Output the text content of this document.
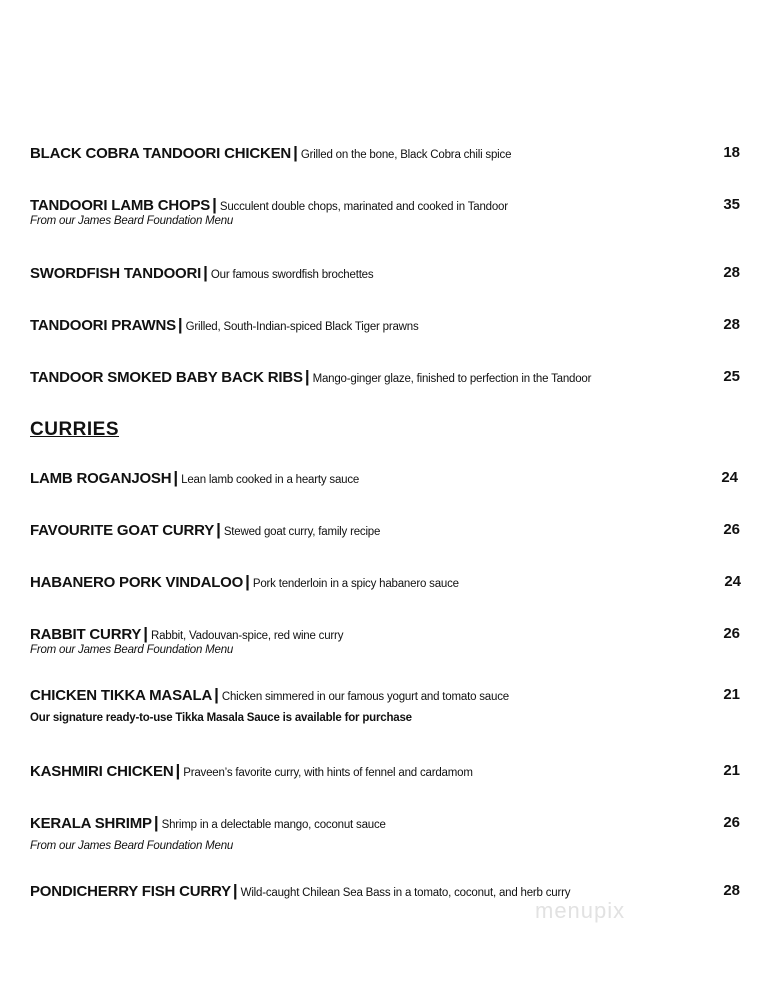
BLACK COBRA TANDOORI CHICKEN | Grilled on the bone, Black Cobra chili spice	18
TANDOORI LAMB CHOPS | Succulent double chops, marinated and cooked in Tandoor	35
From our James Beard Foundation Menu
SWORDFISH TANDOORI | Our famous swordfish brochettes	28
TANDOORI PRAWNS | Grilled, South-Indian-spiced Black Tiger prawns	28
TANDOOR SMOKED BABY BACK RIBS | Mango-ginger glaze, finished to perfection in the Tandoor	25
CURRIES
LAMB ROGANJOSH | Lean lamb cooked in a hearty sauce	24
FAVOURITE GOAT CURRY | Stewed goat curry, family recipe	26
HABANERO PORK VINDALOO | Pork tenderloin in a spicy habanero sauce	24
RABBIT CURRY | Rabbit, Vadouvan-spice, red wine curry	26
From our James Beard Foundation Menu
CHICKEN TIKKA MASALA | Chicken simmered in our famous yogurt and tomato sauce	21
Our signature ready-to-use Tikka Masala Sauce is available for purchase
KASHMIRI CHICKEN | Praveen’s favorite curry, with hints of fennel and cardamom	21
KERALA SHRIMP | Shrimp in a delectable mango, coconut sauce	26
From our James Beard Foundation Menu
PONDICHERRY FISH CURRY | Wild-caught Chilean Sea Bass in a tomato, coconut, and herb curry	28
menupix
